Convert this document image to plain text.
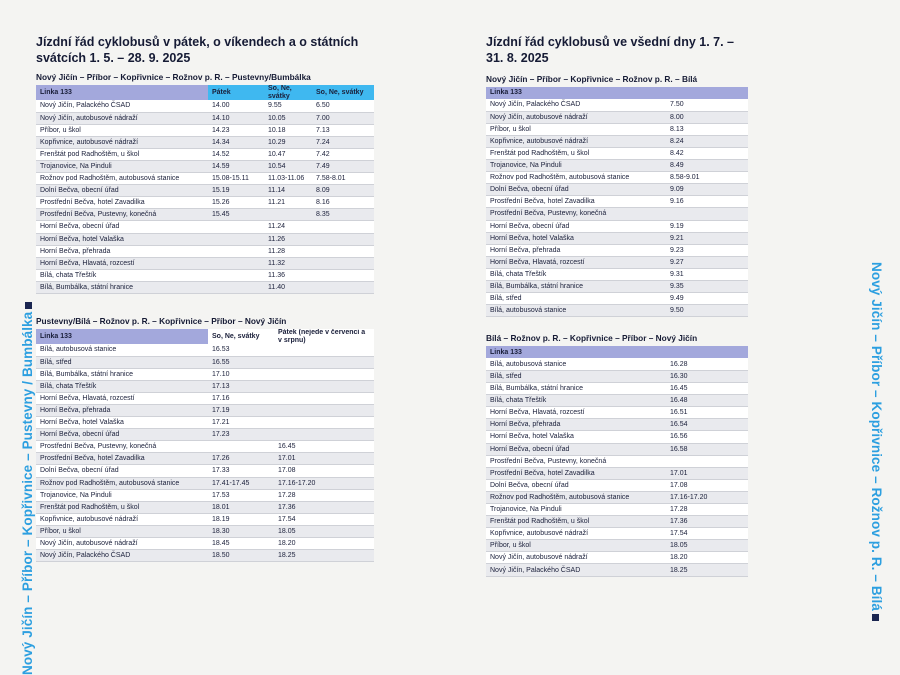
Nový Jičín – Příbor – Kopřivnice – Pustevny / Bumbálka	Nový Jičín – Příbor – Kopřivnice – Rožnov p. R. – Bílá
Jízdní řád cyklobusů v pátek, o víkendech a o státních svátcích 1. 5. – 28. 9. 2025
Nový Jičín – Příbor – Kopřivnice – Rožnov p. R. – Pustevny/Bumbálka
Linka 133	Pátek	So, Ne, svátky	So, Ne, svátky
Nový Jičín, Palackého ČSAD	14.00	9.55	6.50
Nový Jičín, autobusové nádraží	14.10	10.05	7.00
Příbor, u škol	14.23	10.18	7.13
Kopřivnice, autobusové nádraží	14.34	10.29	7.24
Frenštát pod Radhoštěm, u škol	14.52	10.47	7.42
Trojanovice, Na Pinduli	14.59	10.54	7.49
Rožnov pod Radhoštěm, autobusová stanice	15.08-15.11	11.03-11.06	7.58-8.01
Dolní Bečva, obecní úřad	15.19	11.14	8.09
Prostřední Bečva, hotel Zavadilka	15.26	11.21	8.16
Prostřední Bečva, Pustevny, konečná	15.45		8.35
Horní Bečva, obecní úřad		11.24	
Horní Bečva, hotel Valaška		11.26	
Horní Bečva, přehrada		11.28	
Horní Bečva, Hlavatá, rozcestí		11.32	
Bílá, chata Třeštík		11.36	
Bílá, Bumbálka, státní hranice		11.40	
Pustevny/Bílá – Rožnov p. R. – Kopřivnice – Příbor – Nový Jičín
Linka 133	So, Ne, svátky	Pátek (nejede v červenci a v srpnu)
Bílá, autobusová stanice	16.53	
Bílá, střed	16.55	
Bílá, Bumbálka, státní hranice	17.10	
Bílá, chata Třeštík	17.13	
Horní Bečva, Hlavatá, rozcestí	17.16	
Horní Bečva, přehrada	17.19	
Horní Bečva, hotel Valaška	17.21	
Horní Bečva, obecní úřad	17.23	
Prostřední Bečva, Pustevny, konečná		16.45
Prostřední Bečva, hotel Zavadilka	17.26	17.01
Dolní Bečva, obecní úřad	17.33	17.08
Rožnov pod Radhoštěm, autobusová stanice	17.41-17.45	17.16-17.20
Trojanovice, Na Pinduli	17.53	17.28
Frenštát pod Radhoštěm, u škol	18.01	17.36
Kopřivnice, autobusové nádraží	18.19	17.54
Příbor, u škol	18.30	18.05
Nový Jičín, autobusové nádraží	18.45	18.20
Nový Jičín, Palackého ČSAD	18.50	18.25
Jízdní řád cyklobusů ve všední dny 1. 7. – 31. 8. 2025
Nový Jičín – Příbor – Kopřivnice – Rožnov p. R. – Bílá
Linka 133	
Nový Jičín, Palackého ČSAD	7.50
Nový Jičín, autobusové nádraží	8.00
Příbor, u škol	8.13
Kopřivnice, autobusové nádraží	8.24
Frenštát pod Radhoštěm, u škol	8.42
Trojanovice, Na Pinduli	8.49
Rožnov pod Radhoštěm, autobusová stanice	8.58-9.01
Dolní Bečva, obecní úřad	9.09
Prostřední Bečva, hotel Zavadilka	9.16
Prostřední Bečva, Pustevny, konečná	
Horní Bečva, obecní úřad	9.19
Horní Bečva, hotel Valaška	9.21
Horní Bečva, přehrada	9.23
Horní Bečva, Hlavatá, rozcestí	9.27
Bílá, chata Třeštík	9.31
Bílá, Bumbálka, státní hranice	9.35
Bílá, střed	9.49
Bílá, autobusová stanice	9.50
Bílá – Rožnov p. R. – Kopřivnice – Příbor – Nový Jičín
Linka 133	
Bílá, autobusová stanice	16.28
Bílá, střed	16.30
Bílá, Bumbálka, státní hranice	16.45
Bílá, chata Třeštík	16.48
Horní Bečva, Hlavatá, rozcestí	16.51
Horní Bečva, přehrada	16.54
Horní Bečva, hotel Valaška	16.56
Horní Bečva, obecní úřad	16.58
Prostřední Bečva, Pustevny, konečná	
Prostřední Bečva, hotel Zavadilka	17.01
Dolní Bečva, obecní úřad	17.08
Rožnov pod Radhoštěm, autobusová stanice	17.16-17.20
Trojanovice, Na Pinduli	17.28
Frenštát pod Radhoštěm, u škol	17.36
Kopřivnice, autobusové nádraží	17.54
Příbor, u škol	18.05
Nový Jičín, autobusové nádraží	18.20
Nový Jičín, Palackého ČSAD	18.25
